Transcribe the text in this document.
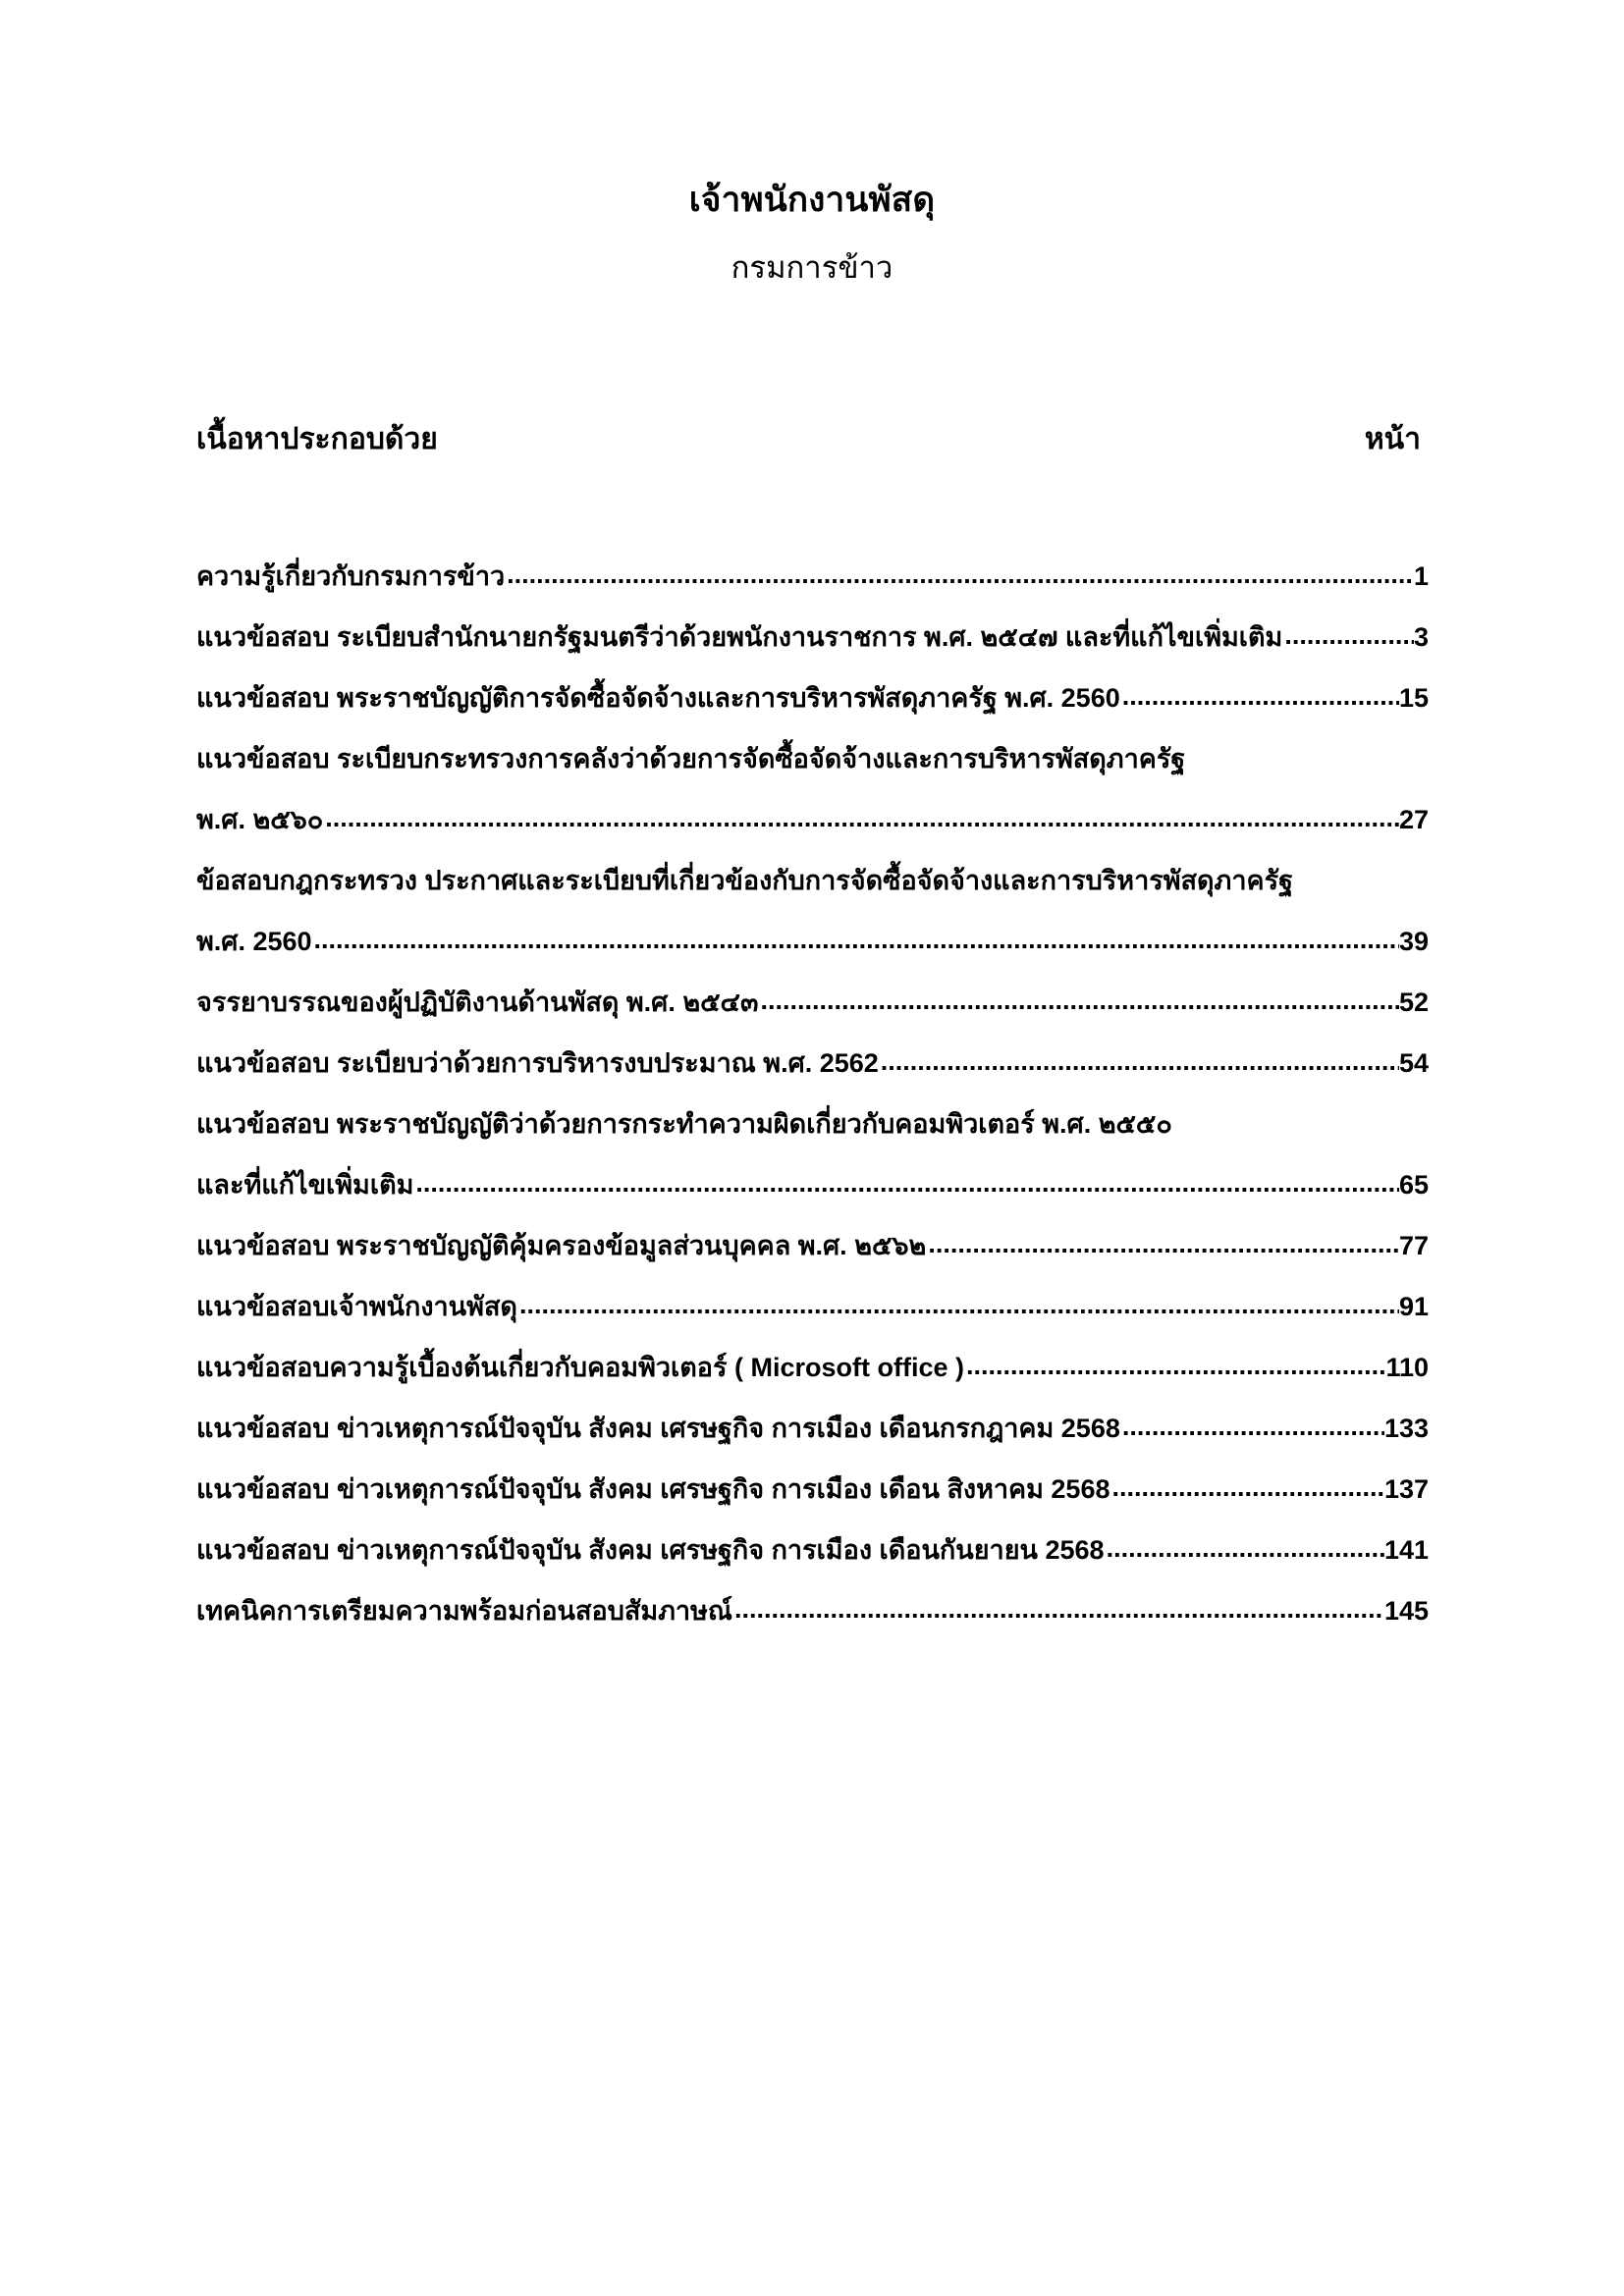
เจ้าพนักงานพัสดุ
กรมการข้าว
เนื้อหาประกอบด้วย	หน้า
ความรู้เกี่ยวกับกรมการข้าว .....	1
แนวข้อสอบ ระเบียบสำนักนายกรัฐมนตรีว่าด้วยพนักงานราชการ พ.ศ. ๒๕๔๗ และที่แก้ไขเพิ่มเติม .....	3
แนวข้อสอบ พระราชบัญญัติการจัดซื้อจัดจ้างและการบริหารพัสดุภาครัฐ พ.ศ. 2560 .....	15
แนวข้อสอบ ระเบียบกระทรวงการคลังว่าด้วยการจัดซื้อจัดจ้างและการบริหารพัสดุภาครัฐ
พ.ศ. ๒๕๖๐ .....	27
ข้อสอบกฎกระทรวง ประกาศและระเบียบที่เกี่ยวข้องกับการจัดซื้อจัดจ้างและการบริหารพัสดุภาครัฐ
พ.ศ. 2560 .....	39
จรรยาบรรณของผู้ปฏิบัติงานด้านพัสดุ พ.ศ. ๒๕๔๓ .....	52
แนวข้อสอบ ระเบียบว่าด้วยการบริหารงบประมาณ พ.ศ. 2562 .....	54
แนวข้อสอบ พระราชบัญญัติว่าด้วยการกระทำความผิดเกี่ยวกับคอมพิวเตอร์ พ.ศ. ๒๕๕๐
และที่แก้ไขเพิ่มเติม .....	65
แนวข้อสอบ พระราชบัญญัติคุ้มครองข้อมูลส่วนบุคคล พ.ศ. ๒๕๖๒ .....	77
แนวข้อสอบเจ้าพนักงานพัสดุ .....	91
แนวข้อสอบความรู้เบื้องต้นเกี่ยวกับคอมพิวเตอร์ ( Microsoft office ) .....	110
แนวข้อสอบ ข่าวเหตุการณ์ปัจจุบัน สังคม เศรษฐกิจ การเมือง เดือนกรกฎาคม 2568 .....	133
แนวข้อสอบ ข่าวเหตุการณ์ปัจจุบัน สังคม เศรษฐกิจ การเมือง เดือน สิงหาคม 2568 .....	137
แนวข้อสอบ ข่าวเหตุการณ์ปัจจุบัน สังคม เศรษฐกิจ การเมือง เดือนกันยายน 2568 .....	141
เทคนิคการเตรียมความพร้อมก่อนสอบสัมภาษณ์ .....	145
